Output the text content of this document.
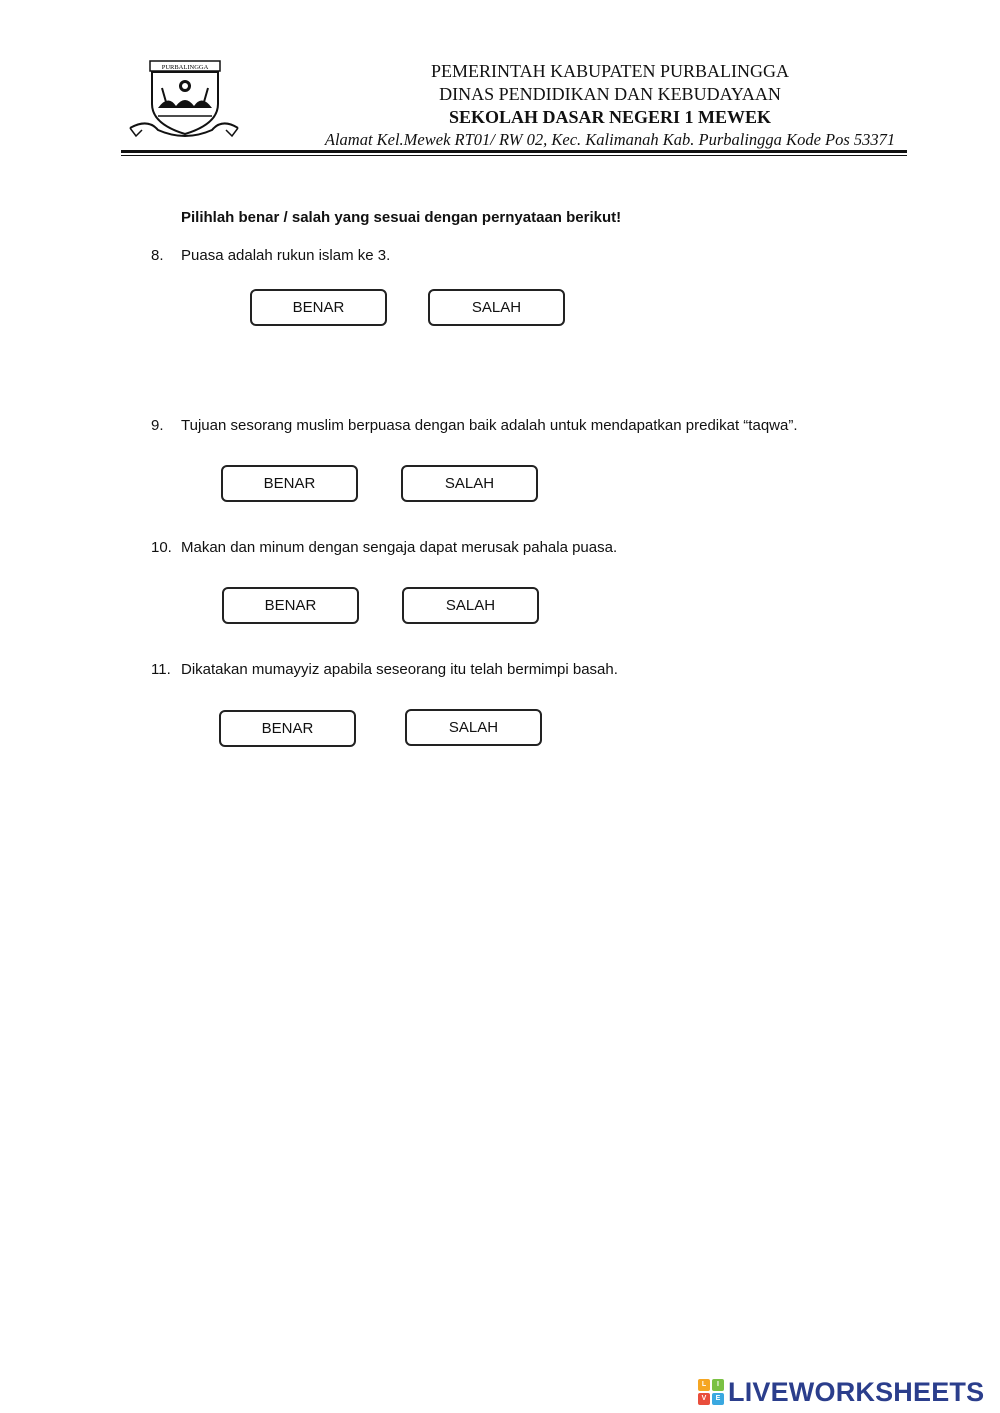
PURBALINGGA	PEMERINTAH KABUPATEN PURBALINGGA
DINAS PENDIDIKAN DAN KEBUDAYAAN
SEKOLAH DASAR NEGERI 1 MEWEK
Alamat Kel.Mewek RT01/ RW 02, Kec. Kalimanah Kab. Purbalingga Kode Pos 53371
Pilihlah benar / salah yang sesuai dengan pernyataan berikut!
8. Puasa adalah rukun islam ke 3.
BENAR	SALAH
9. Tujuan sesorang muslim berpuasa dengan baik adalah untuk mendapatkan predikat “taqwa”.
BENAR	SALAH
10. Makan dan minum dengan sengaja dapat merusak pahala puasa.
BENAR	SALAH
11. Dikatakan mumayyiz apabila seseorang itu telah bermimpi basah.
BENAR	SALAH
L	I
V	E LIVEWORKSHEETS
